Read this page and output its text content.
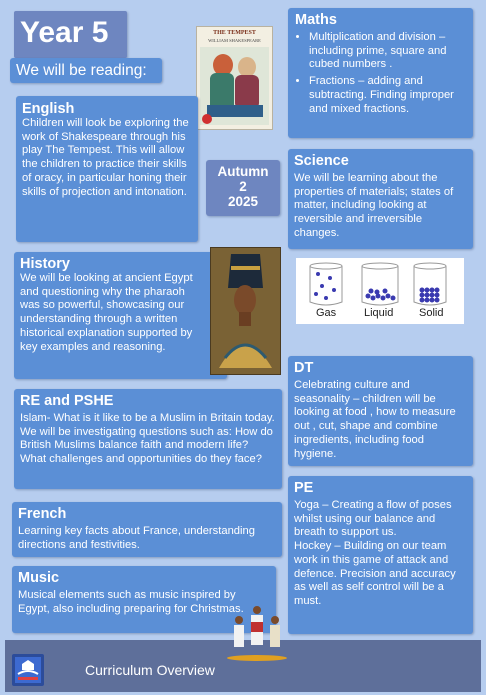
Year 5
We will be reading:
THE TEMPEST
WILLIAM SHAKESPEARE
English

Children will look be exploring the work of Shakespeare through his play The Tempest. This will allow the children to practice their skills of oracy, in particular honing their skills of projection and intonation.

Autumn
2
2025
Maths
• Multiplication and division – including prime, square and cubed numbers .
• Fractions – adding and subtracting. Finding improper and mixed fractions.
Science

We will be learning about the properties of materials; states of matter, including looking at reversible and irreversible changes.

Gas	Liquid Solid
History

We will be looking at ancient Egypt and questioning why the pharaoh was so powerful, showcasing our understanding through a written historical explanation supported by key examples and reasoning.

RE and PSHE

Islam- What is it like to be a Muslim in Britain today. We will be investigating questions such as: How do British Muslims balance faith and modern life? What challenges and opportunities do they face?

DT

Celebrating culture and seasonality – children will be looking at food , how to measure out , cut, shape and combine ingredients, including food hygiene.

French

Learning key facts about France, understanding directions and festivities.

PE

Yoga – Creating a flow of poses whilst using our balance and breath to support us.

Hockey – Building on our team work in this game of attack and defence. Precision and accuracy as well as self control will be a must.

Music

Musical elements such as music inspired by Egypt, also including preparing for Christmas.

Curriculum Overview
